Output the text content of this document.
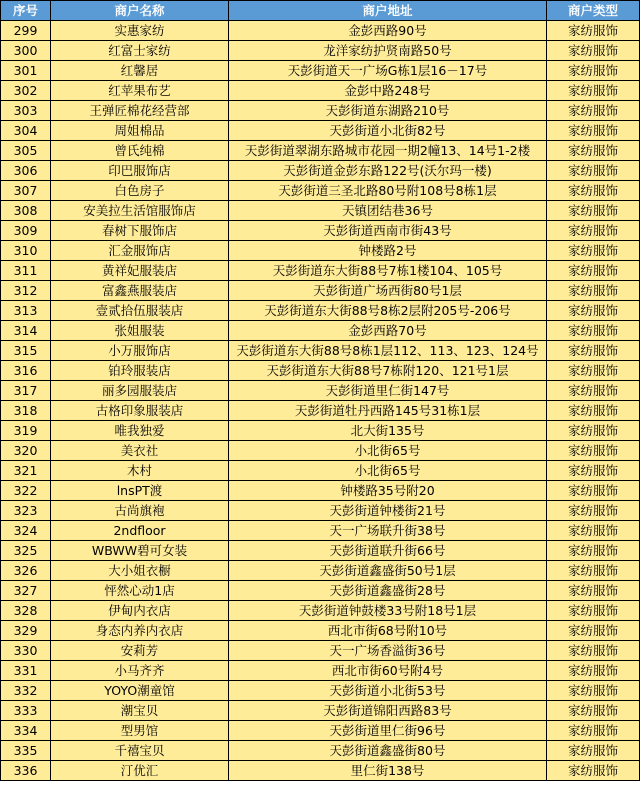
序号	商户名称	商户地址	商户类型
299	实惠家纺	金彭西路90号	家纺服饰
300	红富士家纺	龙洋家纺护贤南路50号	家纺服饰
301	红馨居	天彭街道天一广场G栋1层16－17号	家纺服饰
302	红苹果布艺	金彭中路248号	家纺服饰
303	王弹匠棉花经营部	天彭街道东湖路210号	家纺服饰
304	周姐棉品	天彭街道小北街82号	家纺服饰
305	曾氏纯棉	天彭街道翠湖东路城市花园一期2幢13、14号1-2楼	家纺服饰
306	印巴服饰店	天彭街道金彭东路122号(沃尔玛一楼)	家纺服饰
307	白色房子	天彭街道三圣北路80号附108号8栋1层	家纺服饰
308	安美拉生活馆服饰店	天镇团结巷36号	家纺服饰
309	春树下服饰店	天彭街道西南市街43号	家纺服饰
310	汇金服饰店	钟楼路2号	家纺服饰
311	黄祥妃服装店	天彭街道东大街88号7栋1楼104、105号	家纺服饰
312	富鑫燕服装店	天彭街道广场西街80号1层	家纺服饰
313	壹贰拾伍服装店	天彭街道东大街88号8栋2层附205号-206号	家纺服饰
314	张姐服装	金彭西路70号	家纺服饰
315	小万服饰店	天彭街道东大街88号8栋1层112、113、123、124号	家纺服饰
316	铂玲服装店	天彭街道东大街88号7栋附120、121号1层	家纺服饰
317	丽多园服装店	天彭街道里仁街147号	家纺服饰
318	古格印象服装店	天彭街道牡丹西路145号31栋1层	家纺服饰
319	唯我独爱	北大街135号	家纺服饰
320	美衣社	小北街65号	家纺服饰
321	木村	小北街65号	家纺服饰
322	lnsPT渡	钟楼路35号附20	家纺服饰
323	古尚旗袍	天彭街道钟楼街21号	家纺服饰
324	2ndfloor	天一广场联升街38号	家纺服饰
325	WBWW碧可女装	天彭街道联升街66号	家纺服饰
326	大小姐衣橱	天彭街道鑫盛街50号1层	家纺服饰
327	怦然心动1店	天彭街道鑫盛街28号	家纺服饰
328	伊甸内衣店	天彭街道钟鼓楼33号附18号1层	家纺服饰
329	身态内养内衣店	西北市街68号附10号	家纺服饰
330	安莉芳	天一广场香溢街36号	家纺服饰
331	小马齐齐	西北市街60号附4号	家纺服饰
332	YOYO潮童馆	天彭街道小北街53号	家纺服饰
333	潮宝贝	天彭街道锦阳西路83号	家纺服饰
334	型男馆	天彭街道里仁街96号	家纺服饰
335	千禧宝贝	天彭街道鑫盛街80号	家纺服饰
336	汀优汇	里仁街138号	家纺服饰
